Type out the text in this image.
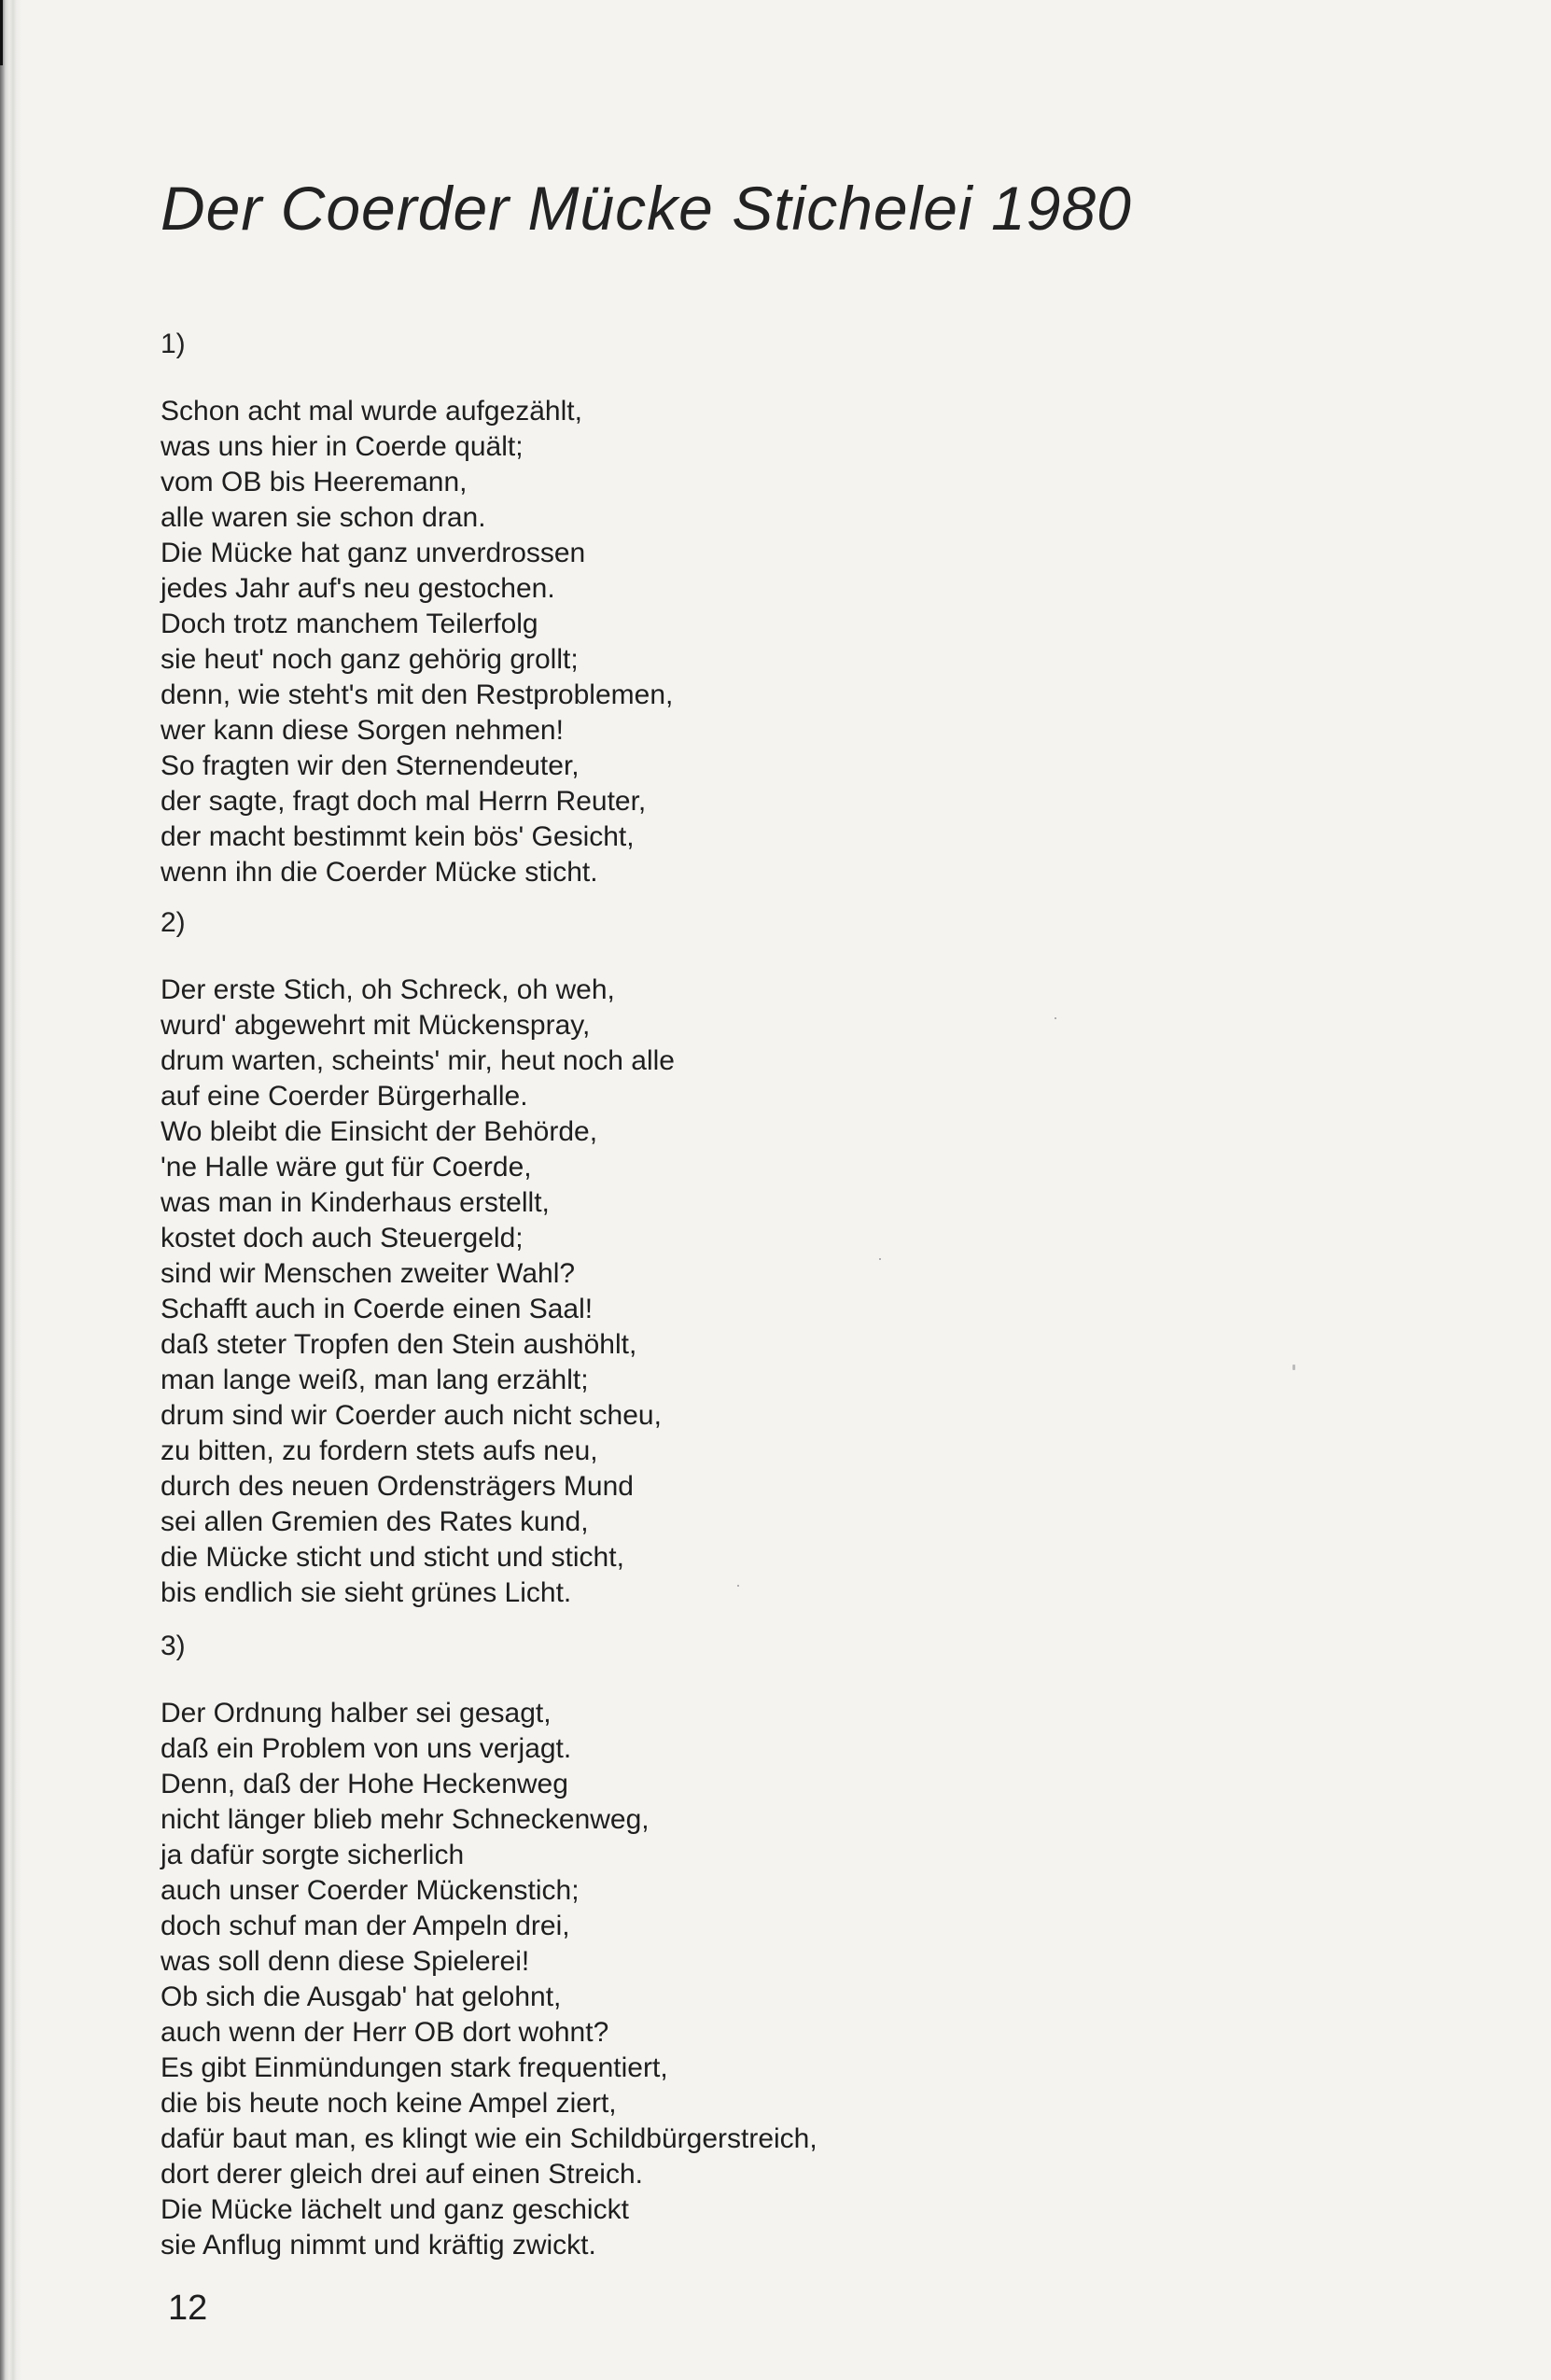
Der Coerder Mücke Stichelei 1980
1)
Schon acht mal wurde aufgezählt,
was uns hier in Coerde quält;
vom OB bis Heeremann,
alle waren sie schon dran.
Die Mücke hat ganz unverdrossen
jedes Jahr auf's neu gestochen.
Doch trotz manchem Teilerfolg
sie heut' noch ganz gehörig grollt;
denn, wie steht's mit den Restproblemen,
wer kann diese Sorgen nehmen!
So fragten wir den Sternendeuter,
der sagte, fragt doch mal Herrn Reuter,
der macht bestimmt kein bös' Gesicht,
wenn ihn die Coerder Mücke sticht.
2)
Der erste Stich, oh Schreck, oh weh,
wurd' abgewehrt mit Mückenspray,
drum warten, scheints' mir, heut noch alle
auf eine Coerder Bürgerhalle.
Wo bleibt die Einsicht der Behörde,
'ne Halle wäre gut für Coerde,
was man in Kinderhaus erstellt,
kostet doch auch Steuergeld;
sind wir Menschen zweiter Wahl?
Schafft auch in Coerde einen Saal!
daß steter Tropfen den Stein aushöhlt,
man lange weiß, man lang erzählt;
drum sind wir Coerder auch nicht scheu,
zu bitten, zu fordern stets aufs neu,
durch des neuen Ordensträgers Mund
sei allen Gremien des Rates kund,
die Mücke sticht und sticht und sticht,
bis endlich sie sieht grünes Licht.
3)
Der Ordnung halber sei gesagt,
daß ein Problem von uns verjagt.
Denn, daß der Hohe Heckenweg
nicht länger blieb mehr Schneckenweg,
ja dafür sorgte sicherlich
auch unser Coerder Mückenstich;
doch schuf man der Ampeln drei,
was soll denn diese Spielerei!
Ob sich die Ausgab' hat gelohnt,
auch wenn der Herr OB dort wohnt?
Es gibt Einmündungen stark frequentiert,
die bis heute noch keine Ampel ziert,
dafür baut man, es klingt wie ein Schildbürgerstreich,
dort derer gleich drei auf einen Streich.
Die Mücke lächelt und ganz geschickt
sie Anflug nimmt und kräftig zwickt.
12
